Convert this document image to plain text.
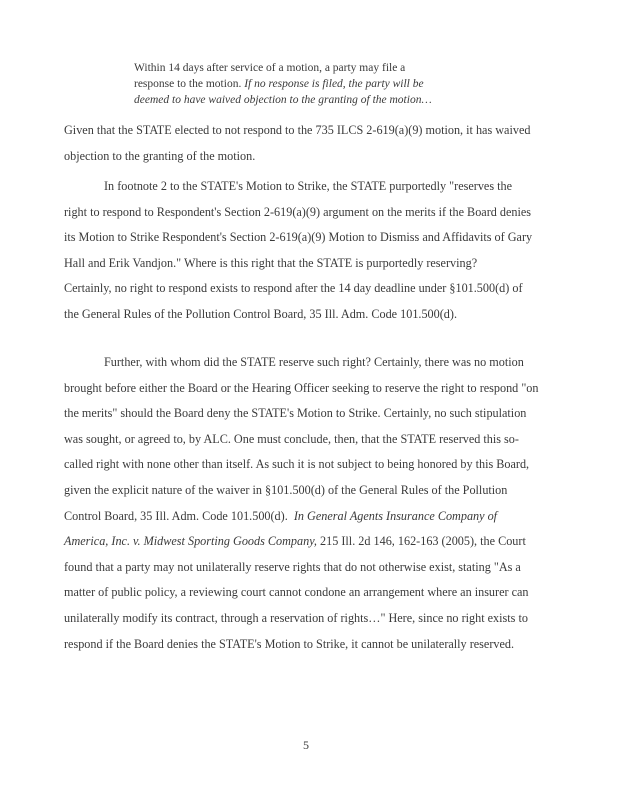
Within 14 days after service of a motion, a party may file a
response to the motion. If no response is filed, the party will be
deemed to have waived objection to the granting of the motion…
Given that the STATE elected to not respond to the 735 ILCS 2-619(a)(9) motion, it has waived
objection to the granting of the motion.
In footnote 2 to the STATE's Motion to Strike, the STATE purportedly "reserves the
right to respond to Respondent's Section 2-619(a)(9) argument on the merits if the Board denies
its Motion to Strike Respondent's Section 2-619(a)(9) Motion to Dismiss and Affidavits of Gary
Hall and Erik Vandjon." Where is this right that the STATE is purportedly reserving?
Certainly, no right to respond exists to respond after the 14 day deadline under §101.500(d) of
the General Rules of the Pollution Control Board, 35 Ill. Adm. Code 101.500(d).
Further, with whom did the STATE reserve such right? Certainly, there was no motion
brought before either the Board or the Hearing Officer seeking to reserve the right to respond "on
the merits" should the Board deny the STATE's Motion to Strike. Certainly, no such stipulation
was sought, or agreed to, by ALC. One must conclude, then, that the STATE reserved this so-
called right with none other than itself. As such it is not subject to being honored by this Board,
given the explicit nature of the waiver in §101.500(d) of the General Rules of the Pollution
Control Board, 35 Ill. Adm. Code 101.500(d). In General Agents Insurance Company of
America, Inc. v. Midwest Sporting Goods Company, 215 Ill. 2d 146, 162-163 (2005), the Court
found that a party may not unilaterally reserve rights that do not otherwise exist, stating "As a
matter of public policy, a reviewing court cannot condone an arrangement where an insurer can
unilaterally modify its contract, through a reservation of rights…" Here, since no right exists to
respond if the Board denies the STATE's Motion to Strike, it cannot be unilaterally reserved.
5
